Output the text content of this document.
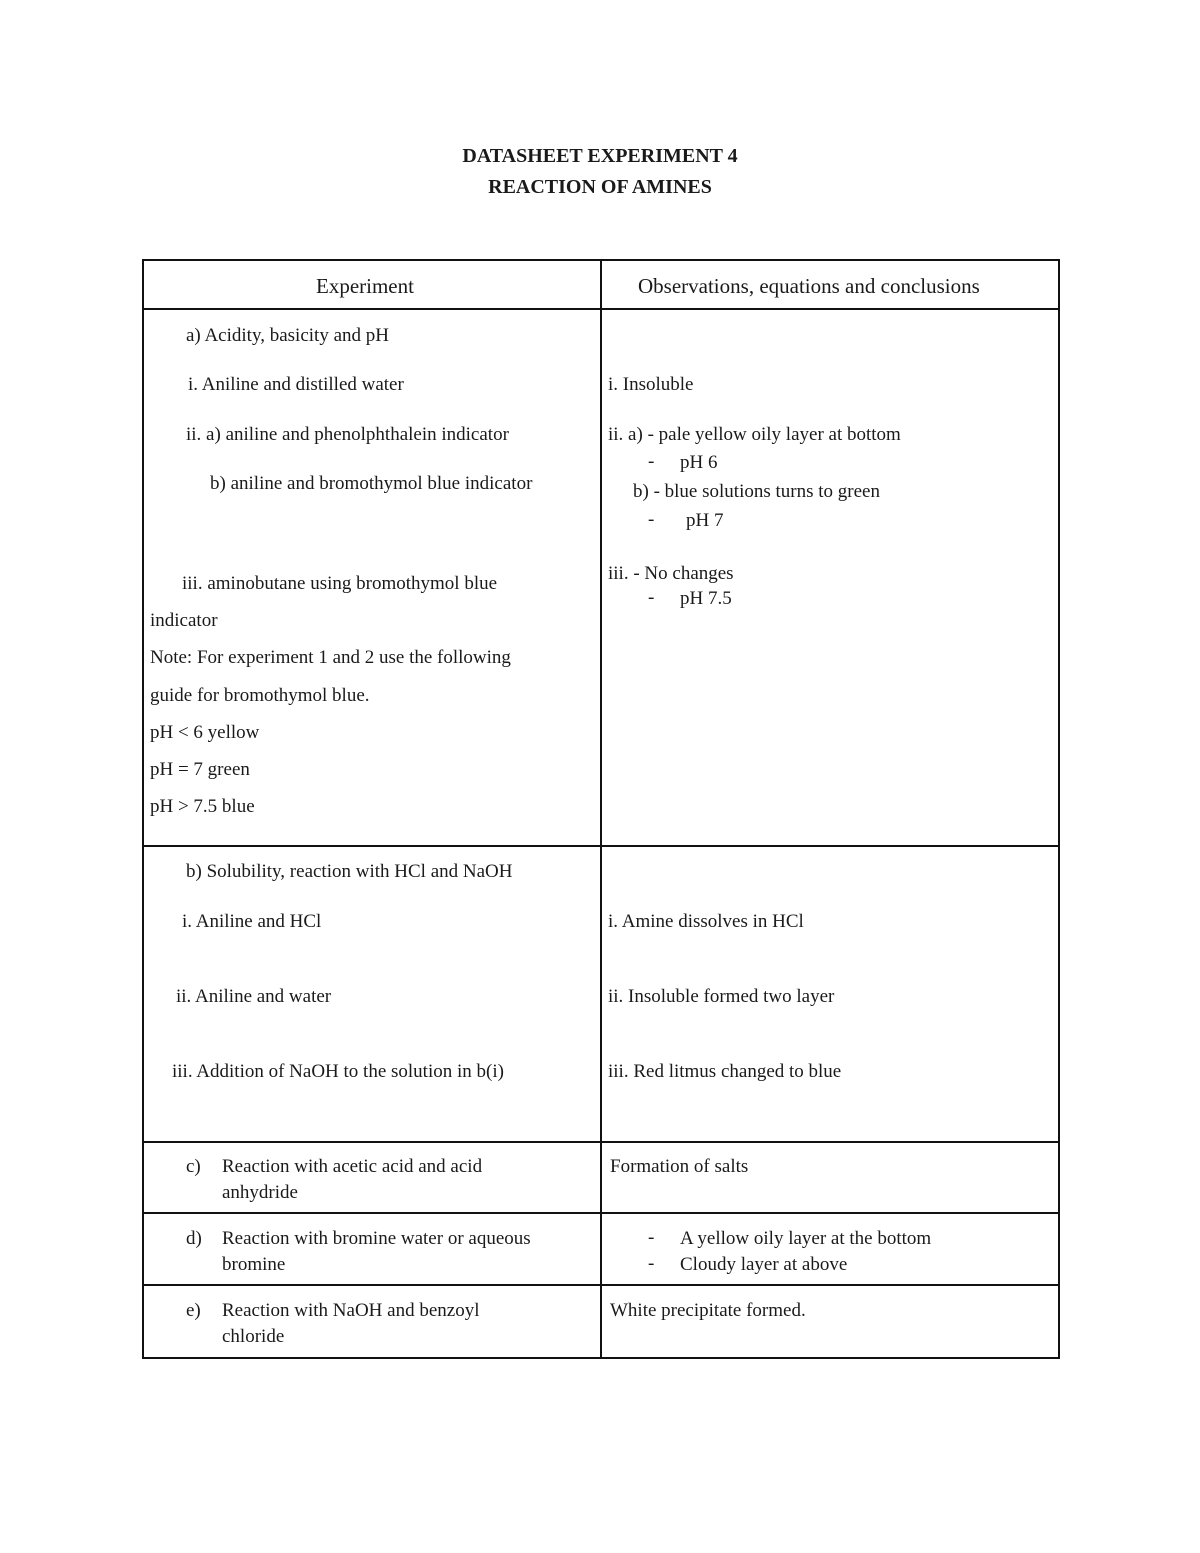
DATASHEET EXPERIMENT 4
REACTION OF AMINES
Experiment	Observations, equations and conclusions
a) Acidity, basicity and pH
i. Aniline and distilled water
ii. a) aniline and phenolphthalein indicator
b) aniline and bromothymol blue indicator
iii. aminobutane using bromothymol blue
indicator
Note: For experiment 1 and 2 use the following
guide for bromothymol blue.
pH < 6 yellow
pH = 7 green
pH > 7.5 blue
i. Insoluble
ii. a) - pale yellow oily layer at bottom
- pH 6
b) - blue solutions turns to green
- pH 7
iii. - No changes
- pH 7.5
b) Solubility, reaction with HCl and NaOH
i. Aniline and HCl
ii. Aniline and water
iii. Addition of NaOH to the solution in b(i)
i. Amine dissolves in HCl
ii. Insoluble formed two layer
iii. Red litmus changed to blue
c) Reaction with acetic acid and acid
anhydride
Formation of salts
d) Reaction with bromine water or aqueous
bromine
- A yellow oily layer at the bottom
- Cloudy layer at above
e) Reaction with NaOH and benzoyl
chloride
White precipitate formed.
